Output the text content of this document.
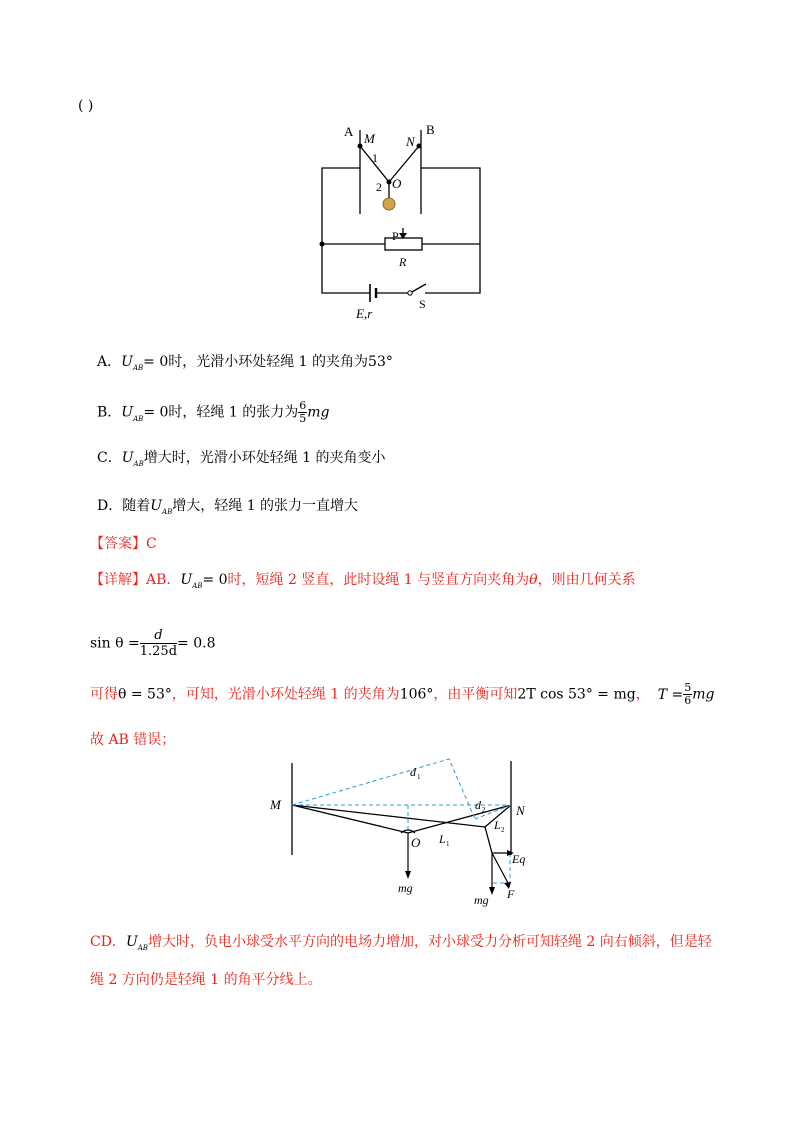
( )
A	B
M N
1
2 O
P
R
E,r
S
A．$U_{AB}= 0$时，光滑小环处轻绳 1 的夹角为53°
B．$U_{AB}= 0$时，轻绳 1 的张力为 $\frac{6}{5}$ mg
C．$U_{AB}$增大时，光滑小环处轻绳 1 的夹角变小
D．随着$U_{AB}$增大，轻绳 1 的张力一直增大
【答案】C
【详解】AB．$U_{AB}= 0$时，短绳 2 竖直，此时设绳 1 与竖直方向夹角为θ，则由几何关系
$\sin \theta = \frac{d}{1.25d} = 0.8$
可得θ = 53°，可知，光滑小环处轻绳 1 的夹角为106°，由平衡可知2T cos 53° = mg， $T = \frac{5}{6}$ mg
故 AB 错误；
d 1
M	d 2 N
O L 1
L 2
mg
mg
Eq
F
CD．$U_{AB}$增大时，负电小球受水平方向的电场力增加，对小球受力分析可知轻绳 2 向右倾斜，但是轻
绳 2 方向仍是轻绳 1 的角平分线上。
